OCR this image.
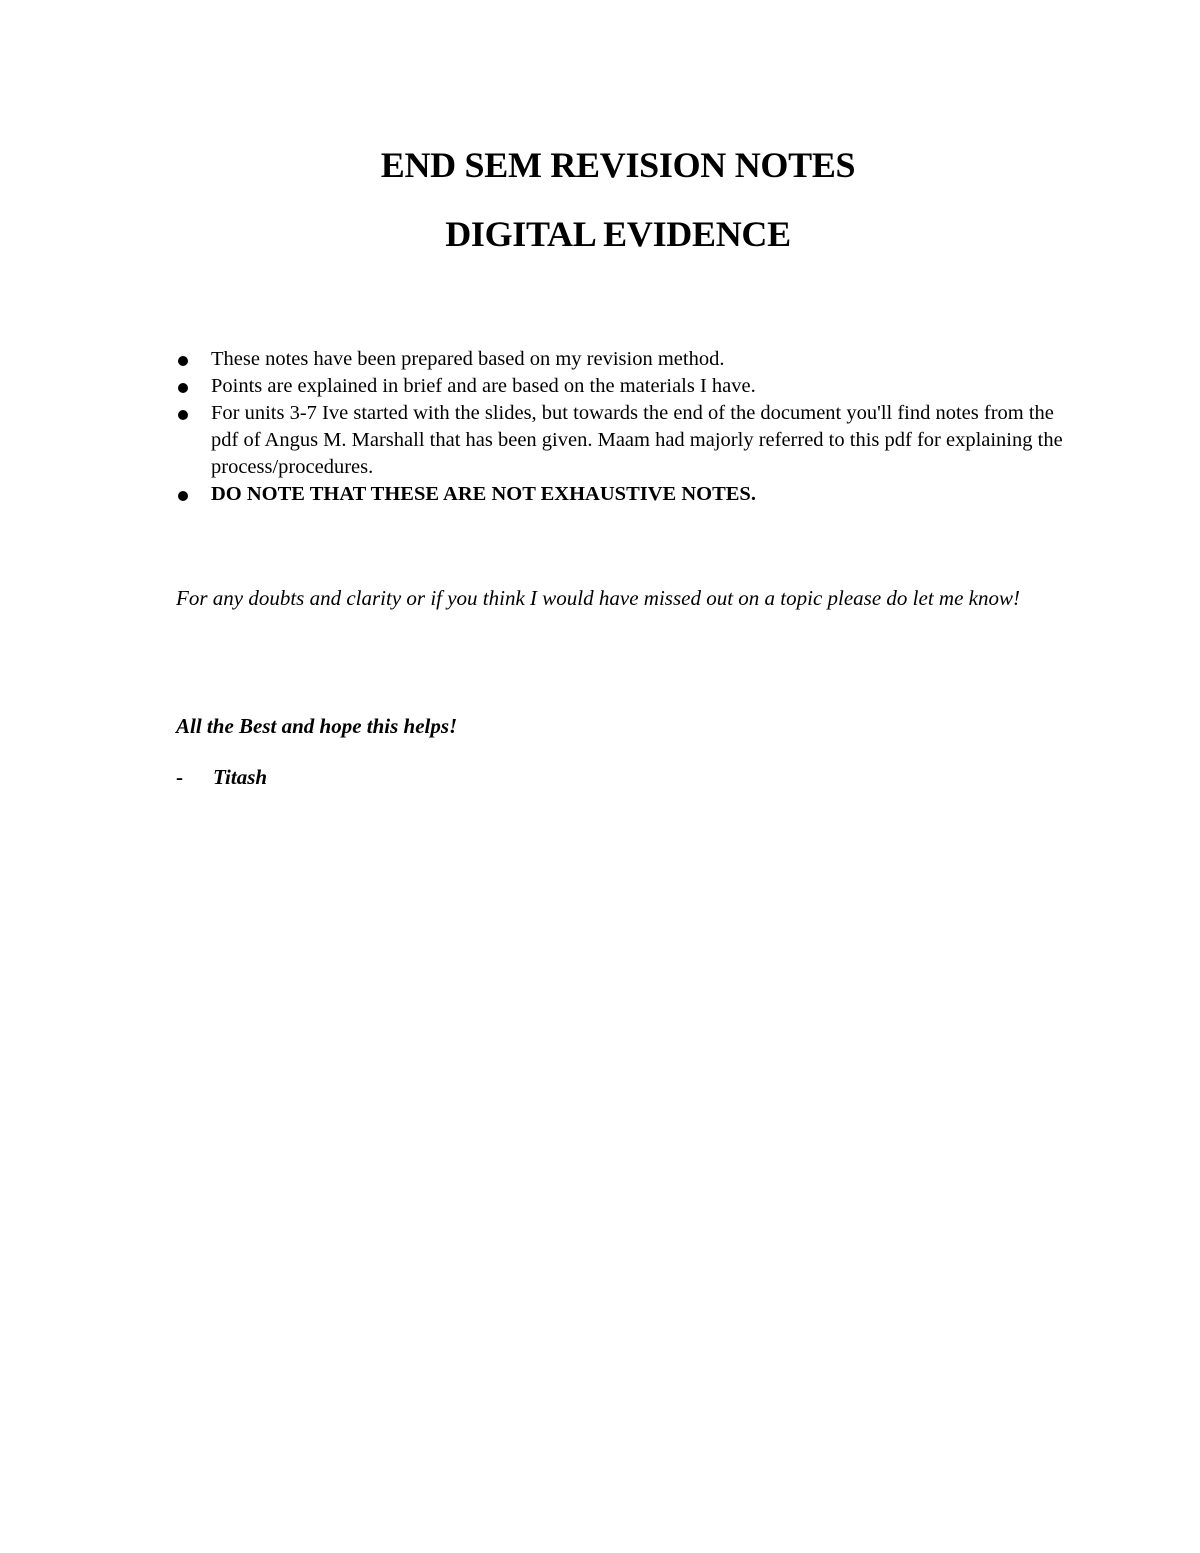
END SEM REVISION NOTES
DIGITAL EVIDENCE
These notes have been prepared based on my revision method.
Points are explained in brief and are based on the materials I have.
For units 3-7 Ive started with the slides, but towards the end of the document you'll find notes from the pdf of Angus M. Marshall that has been given. Maam had majorly referred to this pdf for explaining the process/procedures.
DO NOTE THAT THESE ARE NOT EXHAUSTIVE NOTES.

For any doubts and clarity or if you think I would have missed out on a topic please do let me know!

All the Best and hope this helps!

- Titash
